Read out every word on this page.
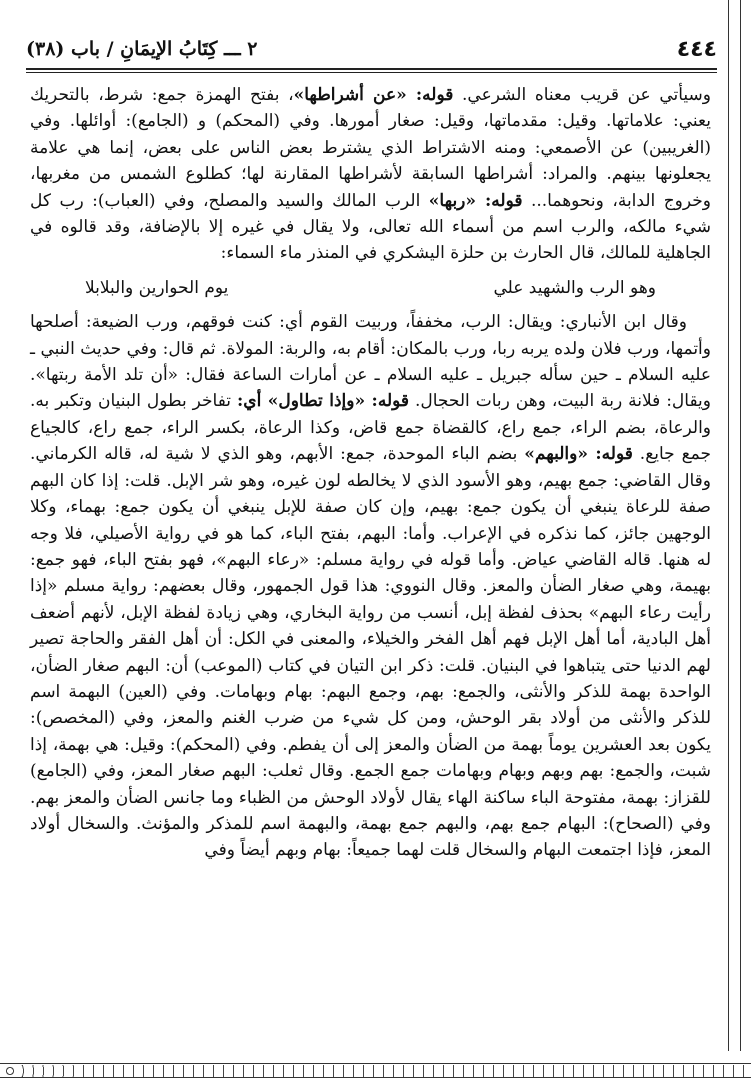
٤٤٤
٢ ـــ كِتَابُ الإيمَانِ / باب (٣٨)

وسيأتي عن قريب معناه الشرعي. قوله: «عن أشراطها»، بفتح الهمزة جمع: شرط، بالتحريك يعني: علاماتها. وقيل: مقدماتها، وقيل: صغار أمورها. وفي (المحكم) و (الجامع): أوائلها. وفي (الغريبين) عن الأصمعي: ومنه الاشتراط الذي يشترط بعض الناس على بعض، إنما هي علامة يجعلونها بينهم. والمراد: أشراطها السابقة لأشراطها المقارنة لها؛ كطلوع الشمس من مغربها، وخروج الدابة، ونحوهما... قوله: «ربها» الرب المالك والسيد والمصلح، وفي (العباب): رب كل شيء مالكه، والرب اسم من أسماء الله تعالى، ولا يقال في غيره إلا بالإضافة، وقد قالوه في الجاهلية للمالك، قال الحارث بن حلزة اليشكري في المنذر ماء السماء:

وهو الرب والشهيد علي
يوم الحوارين والبلابلا

وقال ابن الأنباري: ويقال: الرب، مخففاً، وربيت القوم أي: كنت فوقهم، ورب الضيعة: أصلحها وأتمها، ورب فلان ولده يربه ربا، ورب بالمكان: أقام به، والربة: المولاة. ثم قال: وفي حديث النبي ـ عليه السلام ـ حين سأله جبريل ـ عليه السلام ـ عن أمارات الساعة فقال: «أن تلد الأمة ربتها». ويقال: فلانة ربة البيت، وهن ربات الحجال. قوله: «وإذا تطاول» أي: تفاخر بطول البنيان وتكبر به. والرعاة، بضم الراء، جمع راع، كالقضاة جمع قاض، وكذا الرعاة، بكسر الراء، جمع راع، كالجياع جمع جايع. قوله: «والبهم» بضم الباء الموحدة، جمع: الأبهم، وهو الذي لا شية له، قاله الكرماني. وقال القاضي: جمع بهيم، وهو الأسود الذي لا يخالطه لون غيره، وهو شر الإبل. قلت: إذا كان البهم صفة للرعاة ينبغي أن يكون جمع: بهيم، وإن كان صفة للإبل ينبغي أن يكون جمع: بهماء، وكلا الوجهين جائز، كما نذكره في الإعراب. وأما: البهم، بفتح الباء، كما هو في رواية الأصيلي، فلا وجه له هنها. قاله القاضي عياض. وأما قوله في رواية مسلم: «رعاء البهم»، فهو بفتح الباء، فهو جمع: بهيمة، وهي صغار الضأن والمعز. وقال النووي: هذا قول الجمهور، وقال بعضهم: رواية مسلم «إذا رأيت رعاء البهم» بحذف لفظة إبل، أنسب من رواية البخاري، وهي زيادة لفظة الإبل، لأنهم أضعف أهل البادية، أما أهل الإبل فهم أهل الفخر والخيلاء، والمعنى في الكل: أن أهل الفقر والحاجة تصير لهم الدنيا حتى يتباهوا في البنيان. قلت: ذكر ابن التيان في كتاب (الموعب) أن: البهم صغار الضأن، الواحدة بهمة للذكر والأنثى، والجمع: بهم، وجمع البهم: بهام وبهامات. وفي (العين) البهمة اسم للذكر والأنثى من أولاد بقر الوحش، ومن كل شيء من ضرب الغنم والمعز، وفي (المخصص): يكون بعد العشرين يوماً بهمة من الضأن والمعز إلى أن يفطم. وفي (المحكم): وقيل: هي بهمة، إذا شبت، والجمع: بهم وبهم وبهام وبهامات جمع الجمع. وقال ثعلب: البهم صغار المعز، وفي (الجامع) للقزاز: بهمة، مفتوحة الباء ساكنة الهاء يقال لأولاد الوحش من الظباء وما جانس الضأن والمعز بهم. وفي (الصحاح): البهام جمع بهم، والبهم جمع بهمة، والبهمة اسم للمذكر والمؤنث. والسخال أولاد المعز، فإذا اجتمعت البهام والسخال قلت لهما جميعاً: بهام وبهم أيضاً وفي
